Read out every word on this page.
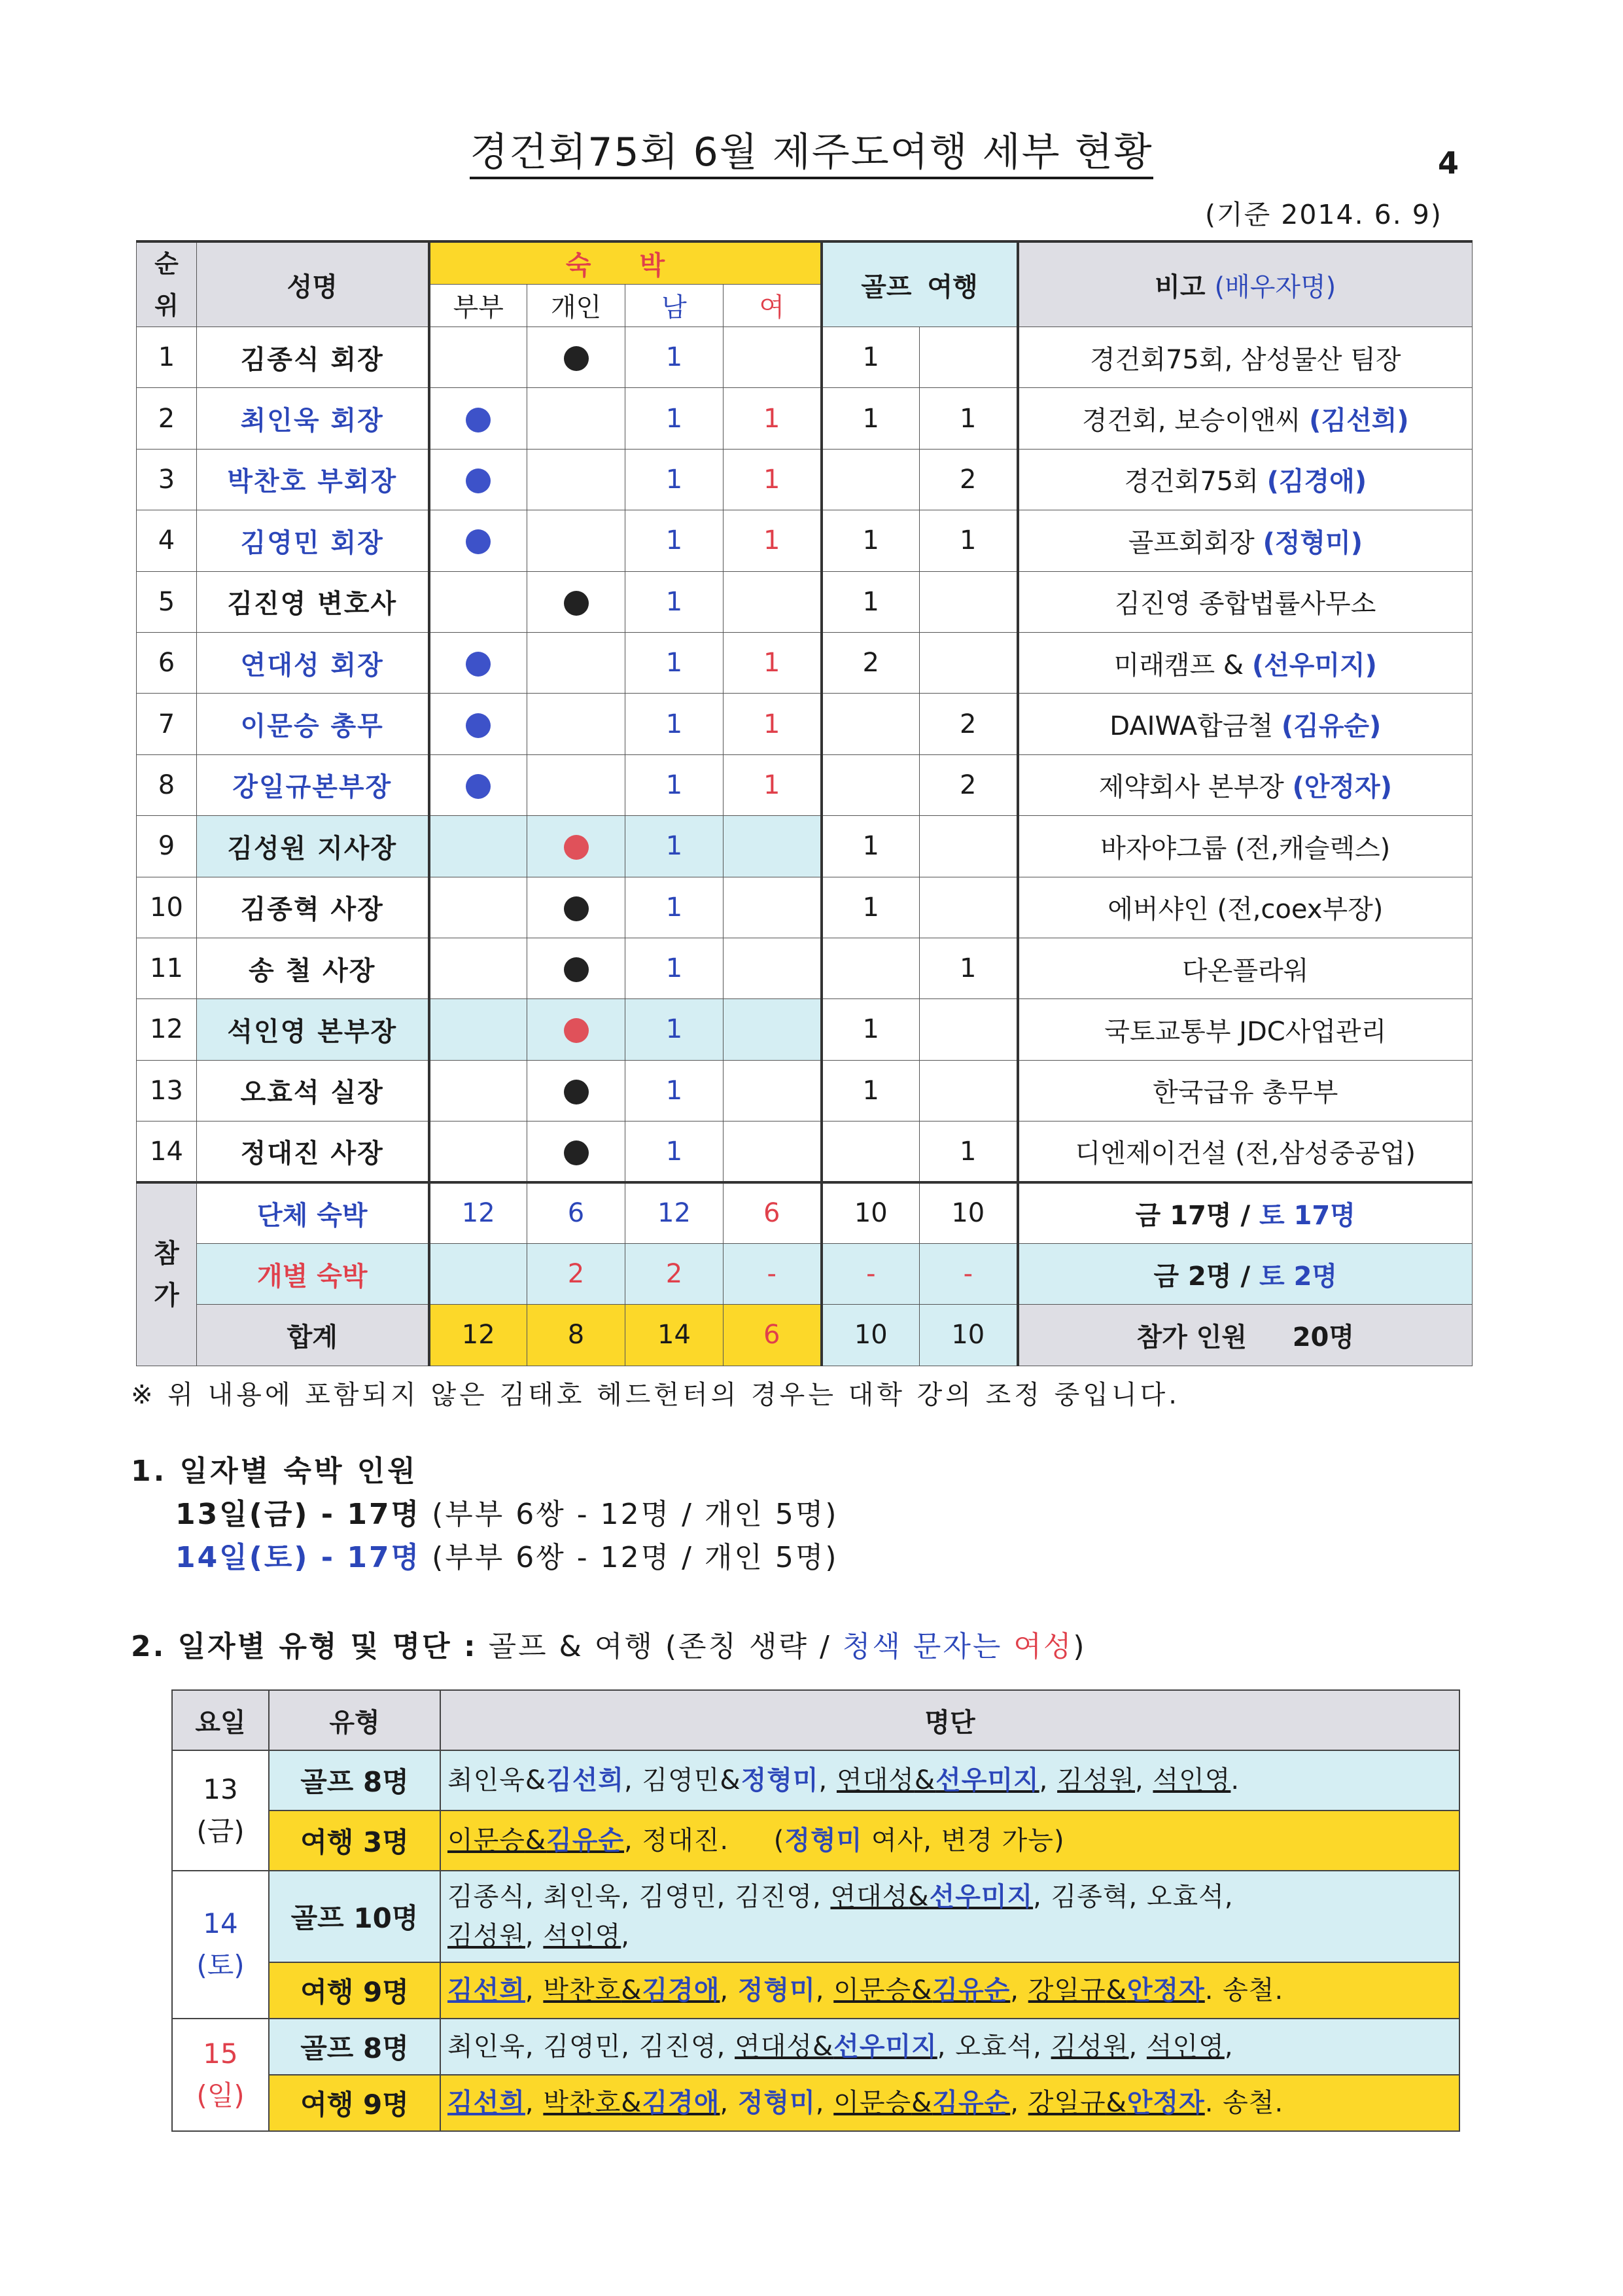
경건회75회 6월 제주도여행 세부 현황	4
(기준 2014. 6. 9)
순위	성명	숙 박				골프	여행	비고 (배우자명)
		부부	개인	남	여			
1	김종식 회장			1		1		경건회75회, 삼성물산 팀장
2	최인욱 회장			1	1	1	1	경건회, 보승이앤씨 (김선희)
3	박찬호 부회장			1	1		2	경건회75회 (김경애)
4	김영민 회장			1	1	1	1	골프회회장 (정형미)
5	김진영 변호사			1		1		김진영 종합법률사무소
6	연대성 회장			1	1	2		미래캠프 & (선우미지)
7	이문승 총무			1	1		2	DAIWA합금철 (김유순)
8	강일규본부장			1	1		2	제약회사 본부장 (안정자)
9	김성원 지사장			1		1		바자야그룹 (전,캐슬렉스)
10	김종혁 사장			1		1		에버샤인 (전,coex부장)
11	송 철 사장			1			1	다온플라워
12	석인영 본부장			1		1		국토교통부 JDC사업관리
13	오효석 실장			1		1		한국급유 총무부
14	정대진 사장			1			1	디엔제이건설 (전,삼성중공업)
참가	단체 숙박	12	6	12	6	10	10	금 17명 / 토 17명
	개별 숙박		2	2	-	-	-	금 2명 / 토 2명
	합계	12	8	14	6	10	10	참가 인원 20명
※ 위 내용에 포함되지 않은 김태호 헤드헌터의 경우는 대학 강의 조정 중입니다.
1. 일자별 숙박 인원
13일(금) - 17명 (부부 6쌍 - 12명 / 개인 5명)
14일(토) - 17명 (부부 6쌍 - 12명 / 개인 5명)
2. 일자별 유형 및 명단 : 골프 & 여행 (존칭 생략 / 청색 문자는 여성)
요일	유형	명단
13
(금)	골프 8명	최인욱&김선희, 김영민&정형미, 연대성&선우미지, 김성원, 석인영.
	여행 3명	이문승&김유순, 정대진.     (정형미 여사, 변경 가능)
14
(토)	골프 10명	김종식, 최인욱, 김영민, 김진영, 연대성&선우미지, 김종혁, 오효석,
김성원, 석인영,
	여행 9명	김선희, 박찬호&김경애, 정형미, 이문승&김유순, 강일규&안정자. 송철.
15
(일)	골프 8명	최인욱, 김영민, 김진영, 연대성&선우미지, 오효석, 김성원, 석인영,
	여행 9명	김선희, 박찬호&김경애, 정형미, 이문승&김유순, 강일규&안정자. 송철.
